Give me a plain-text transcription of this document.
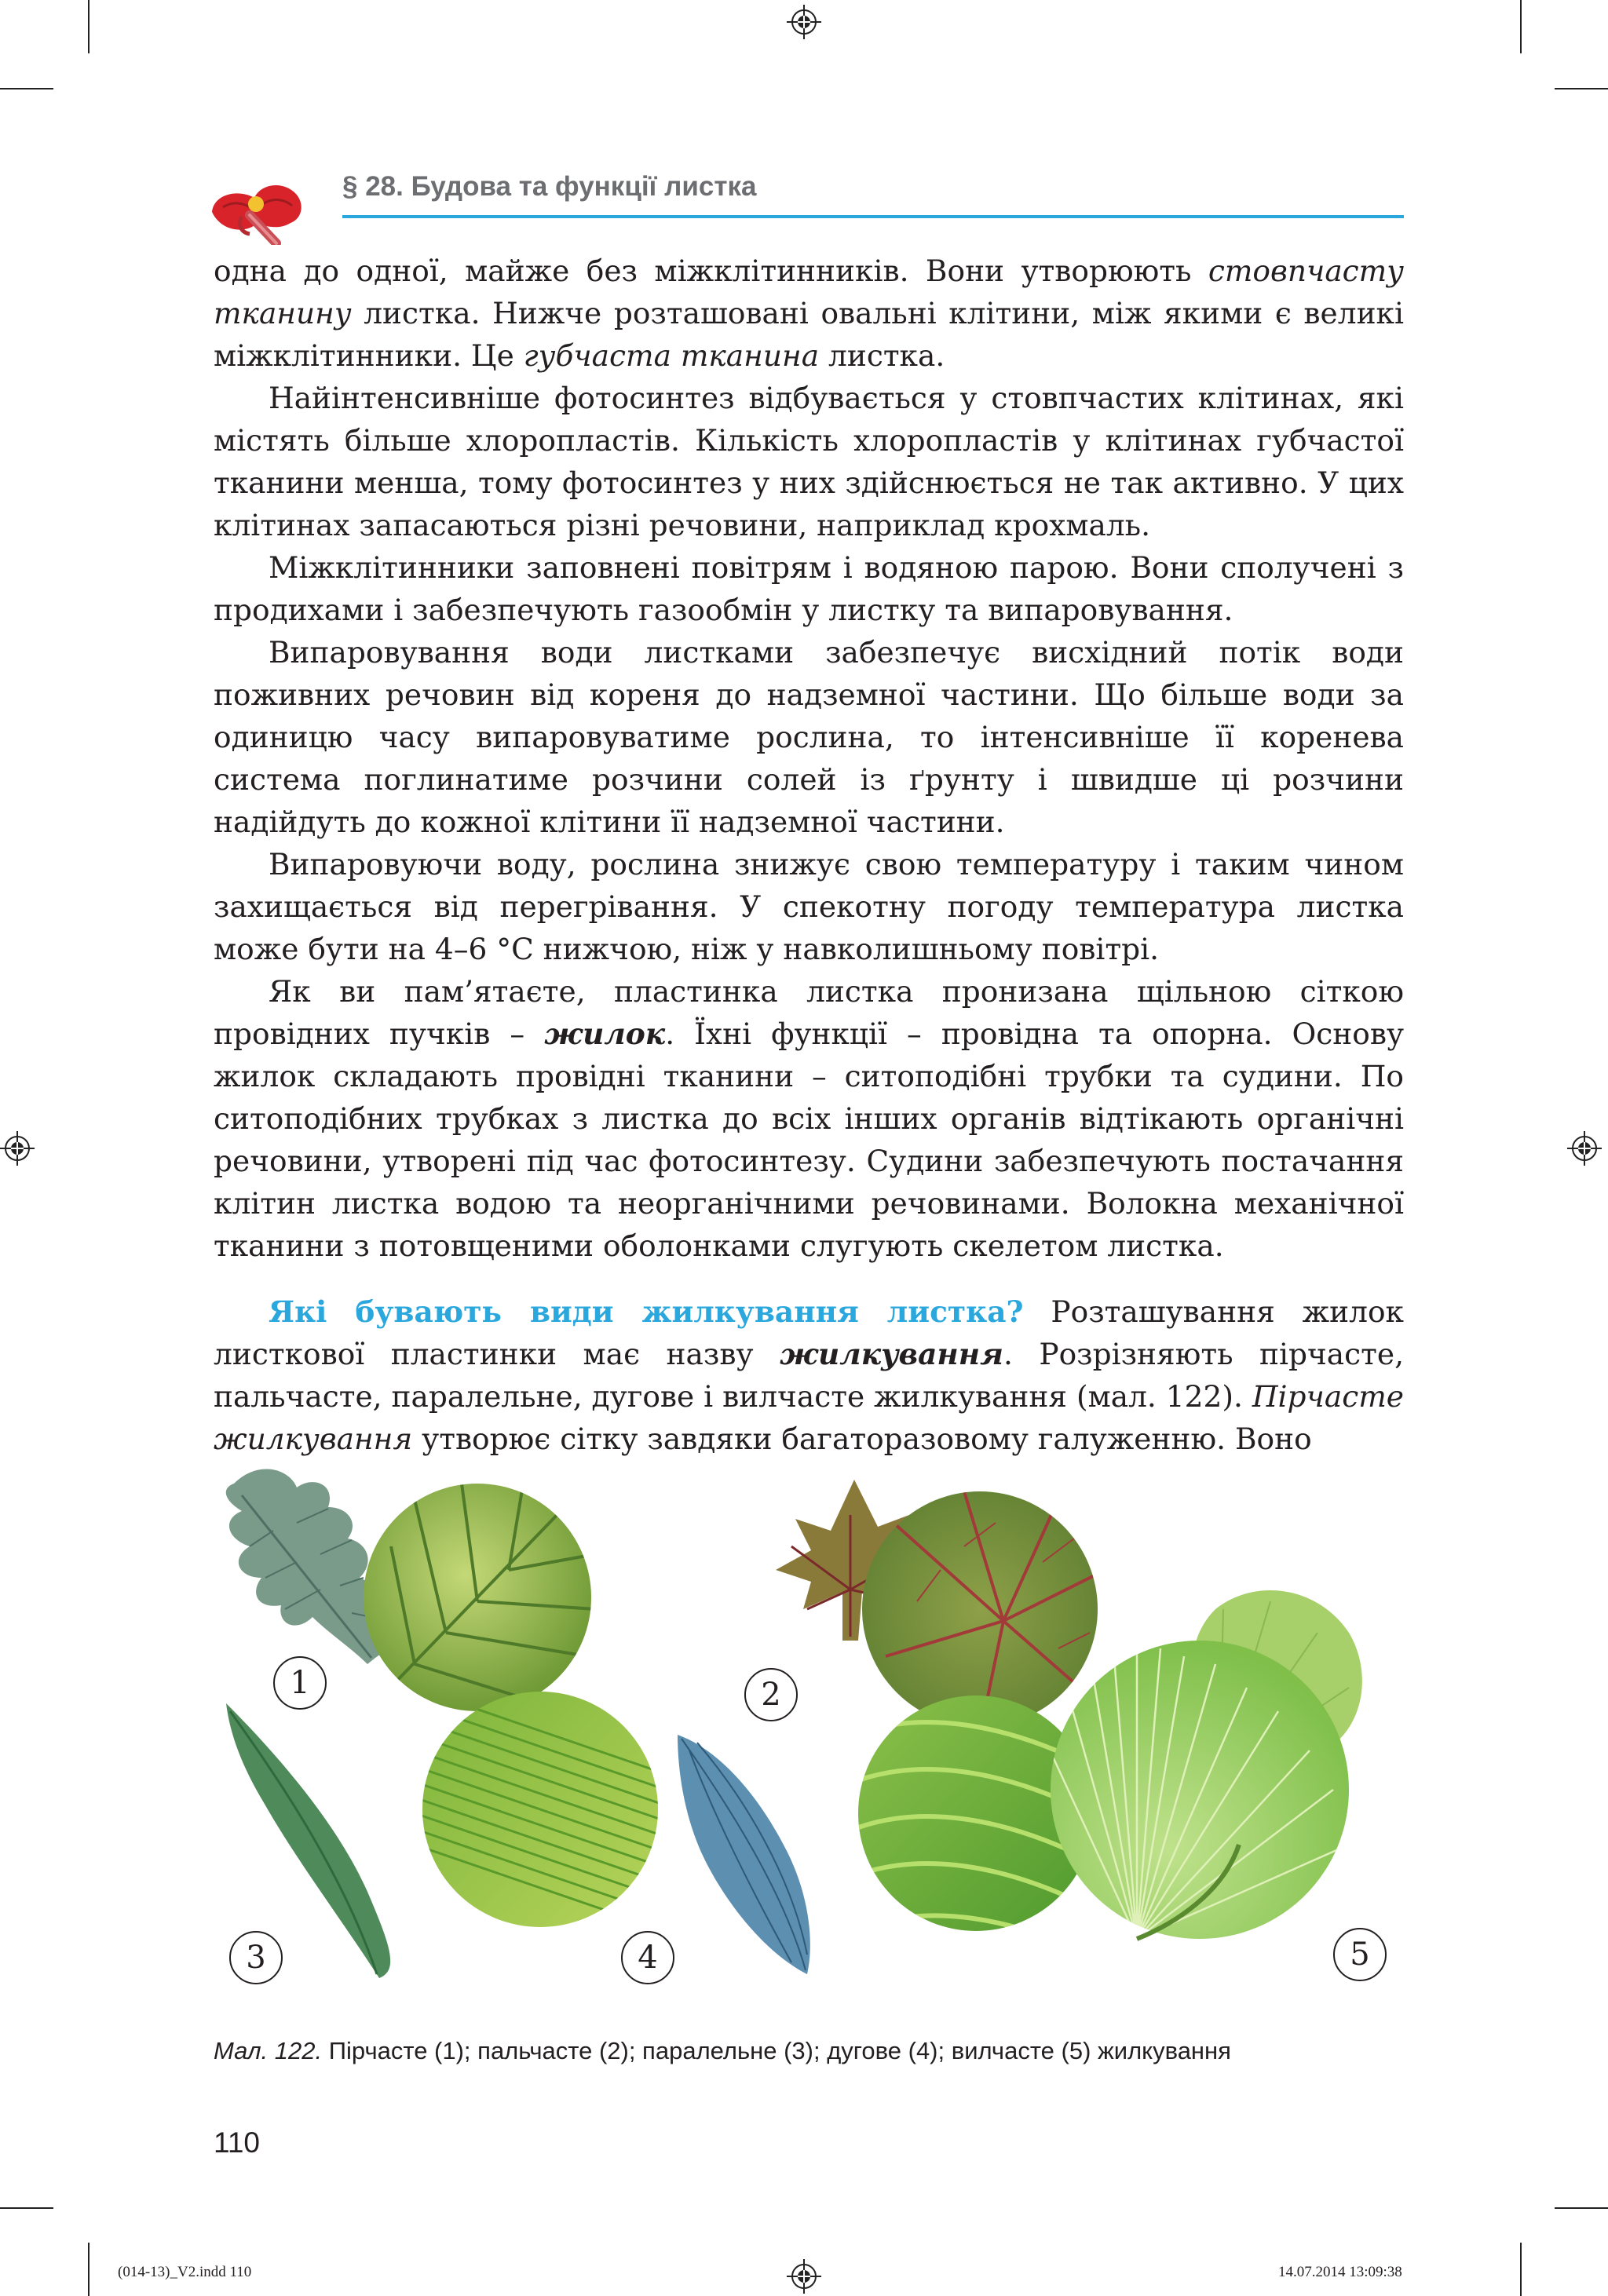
§ 28. Будова та функції листка

одна до одної, майже без міжклітинників. Вони утворюють стовпчасту тканину листка. Нижче розташовані овальні клітини, між якими є великі міжклітинники. Це губчаста тканина листка.

Найінтенсивніше фотосинтез відбувається у стовпчастих клітинах, які містять більше хлоропластів. Кількість хлоропластів у клітинах губчастої тканини менша, тому фотосинтез у них здійснюється не так активно. У цих клітинах запасаються різні речовини, наприклад крохмаль.

Міжклітинники заповнені повітрям і водяною парою. Вони сполучені з продихами і забезпечують газообмін у листку та випаровування.

Випаровування води листками забезпечує висхідний потік води поживних речовин від кореня до надземної частини. Що більше води за одиницю часу випаровуватиме рослина, то інтенсивніше її коренева система поглинатиме розчини солей із ґрунту і швидше ці розчини надійдуть до кожної клітини її надземної частини.

Випаровуючи воду, рослина знижує свою температуру і таким чином захищається від перегрівання. У спекотну погоду температура листка може бути на 4–6 °С нижчою, ніж у навколишньому повітрі.

Як ви пам’ятаєте, пластинка листка пронизана щільною сіткою провідних пучків – жилок. Їхні функції – провідна та опорна. Основу жилок складають провідні тканини – ситоподібні трубки та судини. По ситоподібних трубках з листка до всіх інших органів відтікають органічні речовини, утворені під час фотосинтезу. Судини забезпечують постачання клітин листка водою та неорганічними речовинами. Волокна механічної тканини з потовщеними оболонками слугують скелетом листка.

Які бувають види жилкування листка? Розташування жилок листкової пластинки має назву жилкування. Розрізняють пірчасте, пальчасте, паралельне, дугове і вилчасте жилкування (мал. 122). Пірчасте жилкування утворює сітку завдяки багаторазовому галуженню. Воно

1	2
3	4	5
Мал. 122. Пірчасте (1); пальчасте (2); паралельне (3); дугове (4); вилчасте (5) жилкування
110
(014-13)_V2.indd 110	14.07.2014 13:09:38
